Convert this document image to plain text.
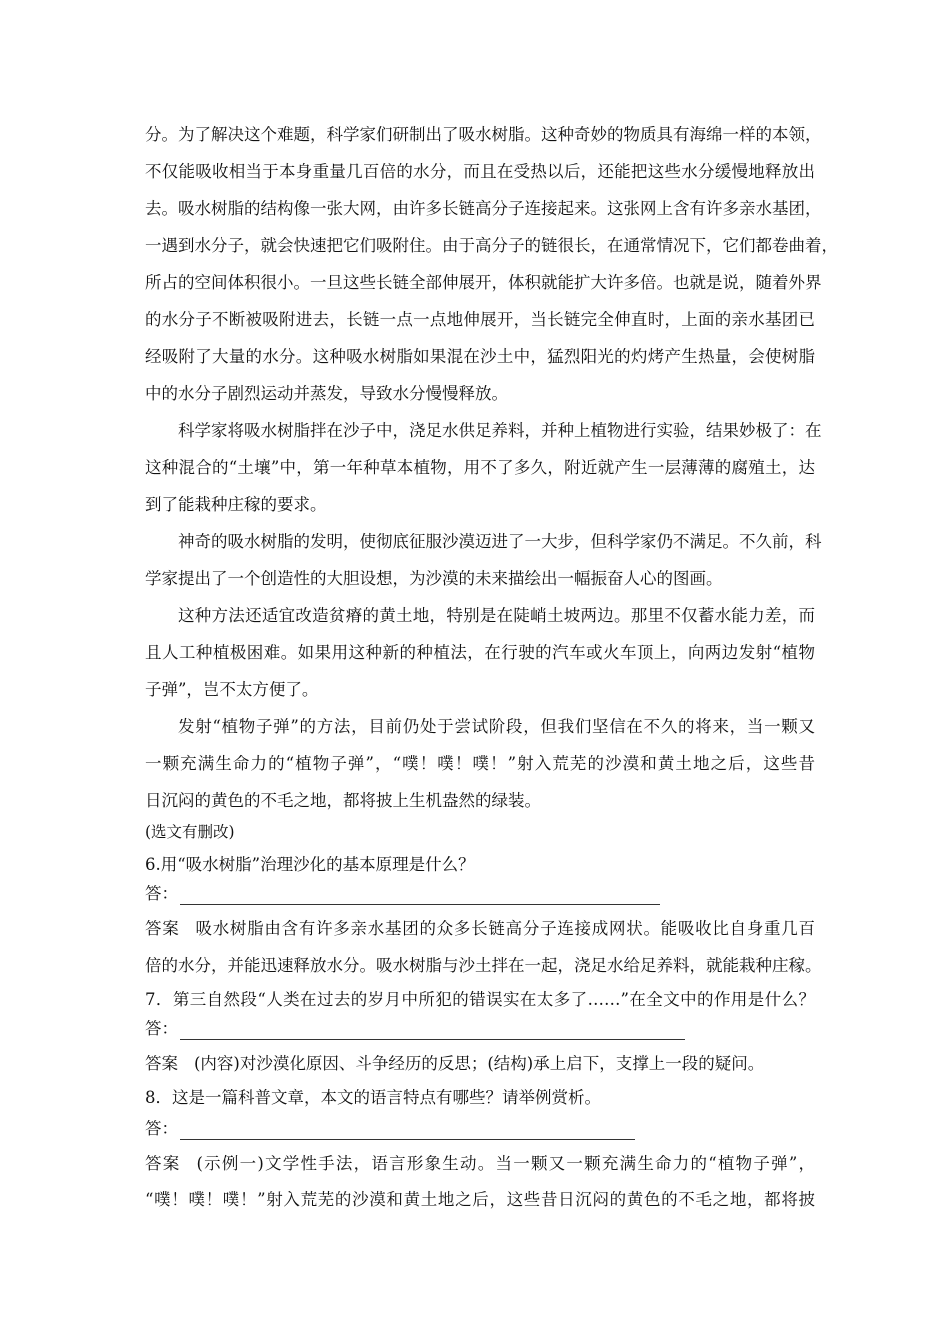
分。为了解决这个难题，科学家们研制出了吸水树脂。这种奇妙的物质具有海绵一样的本领，
不仅能吸收相当于本身重量几百倍的水分，而且在受热以后，还能把这些水分缓慢地释放出
去。吸水树脂的结构像一张大网，由许多长链高分子连接起来。这张网上含有许多亲水基团，
一遇到水分子，就会快速把它们吸附住。由于高分子的链很长，在通常情况下，它们都卷曲着，
所占的空间体积很小。一旦这些长链全部伸展开，体积就能扩大许多倍。也就是说，随着外界
的水分子不断被吸附进去，长链一点一点地伸展开，当长链完全伸直时，上面的亲水基团已
经吸附了大量的水分。这种吸水树脂如果混在沙土中，猛烈阳光的灼烤产生热量，会使树脂
中的水分子剧烈运动并蒸发，导致水分慢慢释放。
科学家将吸水树脂拌在沙子中，浇足水供足养料，并种上植物进行实验，结果妙极了：在
这种混合的“土壤”中，第一年种草本植物，用不了多久，附近就产生一层薄薄的腐殖土，达
到了能栽种庄稼的要求。
神奇的吸水树脂的发明，使彻底征服沙漠迈进了一大步，但科学家仍不满足。不久前，科
学家提出了一个创造性的大胆设想，为沙漠的未来描绘出一幅振奋人心的图画。
这种方法还适宜改造贫瘠的黄土地，特别是在陡峭土坡两边。那里不仅蓄水能力差，而
且人工种植极困难。如果用这种新的种植法，在行驶的汽车或火车顶上，向两边发射“植物
子弹”，岂不太方便了。
发射“植物子弹”的方法，目前仍处于尝试阶段，但我们坚信在不久的将来，当一颗又
一颗充满生命力的“植物子弹”，“噗！噗！噗！”射入荒芜的沙漠和黄土地之后，这些昔
日沉闷的黄色的不毛之地，都将披上生机盎然的绿装。
(选文有删改)
6.用“吸水树脂”治理沙化的基本原理是什么？
答：
答案 吸水树脂由含有许多亲水基团的众多长链高分子连接成网状。能吸收比自身重几百
倍的水分，并能迅速释放水分。吸水树脂与沙土拌在一起，浇足水给足养料，就能栽种庄稼。
7．第三自然段“人类在过去的岁月中所犯的错误实在太多了……”在全文中的作用是什么？
答：
答案 (内容)对沙漠化原因、斗争经历的反思；(结构)承上启下，支撑上一段的疑问。
8．这是一篇科普文章，本文的语言特点有哪些？请举例赏析。
答：
答案 (示例一)文学性手法，语言形象生动。当一颗又一颗充满生命力的“植物子弹”，
“噗！噗！噗！”射入荒芜的沙漠和黄土地之后，这些昔日沉闷的黄色的不毛之地，都将披
